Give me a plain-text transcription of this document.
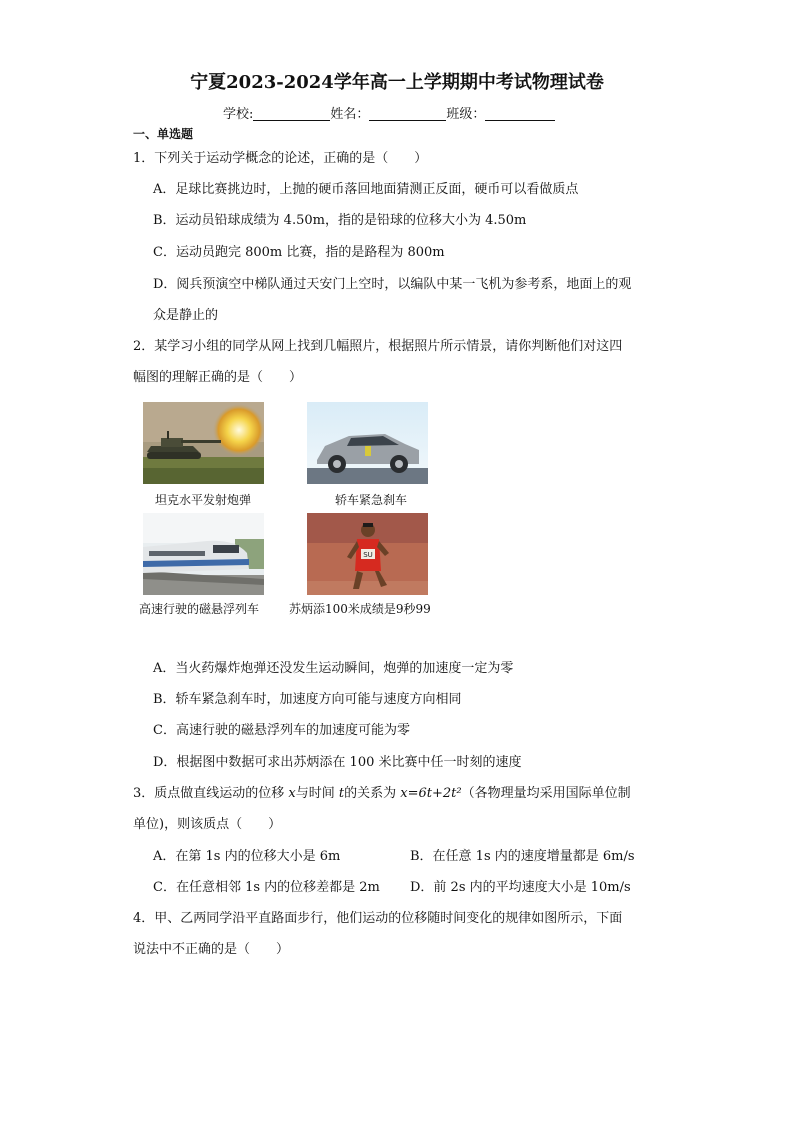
宁夏2023-2024学年高一上学期期中考试物理试卷
学校:	姓名：	班级：
一、单选题
1．下列关于运动学概念的论述，正确的是（　　）
A．足球比赛挑边时，上抛的硬币落回地面猜测正反面，硬币可以看做质点
B．运动员铅球成绩为 4.50m，指的是铅球的位移大小为 4.50m
C．运动员跑完 800m 比赛，指的是路程为 800m
D．阅兵预演空中梯队通过天安门上空时，以编队中某一飞机为参考系，地面上的观
众是静止的
2．某学习小组的同学从网上找到几幅照片，根据照片所示情景，请你判断他们对这四
幅图的理解正确的是（　　）
坦克水平发射炮弹	轿车紧急刹车
SU
高速行驶的磁悬浮列车 苏炳添100米成绩是9秒99
A．当火药爆炸炮弹还没发生运动瞬间，炮弹的加速度一定为零
B．轿车紧急刹车时，加速度方向可能与速度方向相同
C．高速行驶的磁悬浮列车的加速度可能为零
D．根据图中数据可求出苏炳添在 100 米比赛中任一时刻的速度
3．质点做直线运动的位移 x与时间 t的关系为 x=6t+2t²（各物理量均采用国际单位制
单位)，则该质点（　　）
A．在第 1s 内的位移大小是 6m	B．在任意 1s 内的速度增量都是 6m/s
C．在任意相邻 1s 内的位移差都是 2m D．前 2s 内的平均速度大小是 10m/s
4．甲、乙两同学沿平直路面步行，他们运动的位移随时间变化的规律如图所示，下面
说法中不正确的是（　　）
